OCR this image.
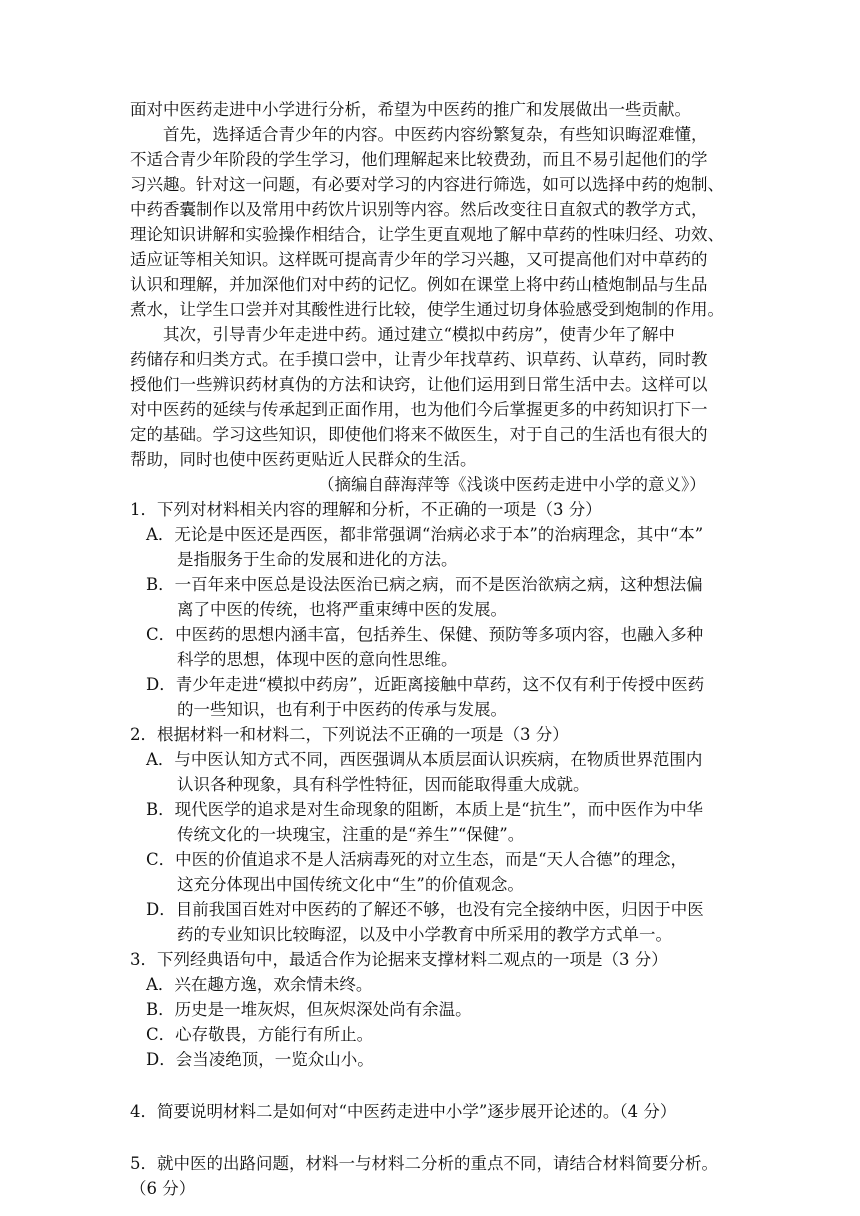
面对中医药走进中小学进行分析，希望为中医药的推广和发展做出一些贡献。
首先，选择适合青少年的内容。中医药内容纷繁复杂，有些知识晦涩难懂，
不适合青少年阶段的学生学习，他们理解起来比较费劲，而且不易引起他们的学
习兴趣。针对这一问题，有必要对学习的内容进行筛选，如可以选择中药的炮制、
中药香囊制作以及常用中药饮片识别等内容。然后改变往日直叙式的教学方式，
理论知识讲解和实验操作相结合，让学生更直观地了解中草药的性味归经、功效、
适应证等相关知识。这样既可提高青少年的学习兴趣，又可提高他们对中草药的
认识和理解，并加深他们对中药的记忆。例如在课堂上将中药山楂炮制品与生品
煮水，让学生口尝并对其酸性进行比较，使学生通过切身体验感受到炮制的作用。
其次，引导青少年走进中药。通过建立“模拟中药房”，使青少年了解中
药储存和归类方式。在手摸口尝中，让青少年找草药、识草药、认草药，同时教
授他们一些辨识药材真伪的方法和诀窍，让他们运用到日常生活中去。这样可以
对中医药的延续与传承起到正面作用，也为他们今后掌握更多的中药知识打下一
定的基础。学习这些知识，即使他们将来不做医生，对于自己的生活也有很大的
帮助，同时也使中医药更贴近人民群众的生活。
（摘编自薛海萍等《浅谈中医药走进中小学的意义》）
1．下列对材料相关内容的理解和分析，不正确的一项是（3 分）
A．无论是中医还是西医，都非常强调“治病必求于本”的治病理念，其中“本”
是指服务于生命的发展和进化的方法。
B．一百年来中医总是设法医治已病之病，而不是医治欲病之病，这种想法偏
离了中医的传统，也将严重束缚中医的发展。
C．中医药的思想内涵丰富，包括养生、保健、预防等多项内容，也融入多种
科学的思想，体现中医的意向性思维。
D．青少年走进“模拟中药房”，近距离接触中草药，这不仅有利于传授中医药
的一些知识，也有利于中医药的传承与发展。
2．根据材料一和材料二，下列说法不正确的一项是（3 分）
A．与中医认知方式不同，西医强调从本质层面认识疾病，在物质世界范围内
认识各种现象，具有科学性特征，因而能取得重大成就。
B．现代医学的追求是对生命现象的阻断，本质上是“抗生”，而中医作为中华
传统文化的一块瑰宝，注重的是“养生”“保健”。
C．中医的价值追求不是人活病毒死的对立生态，而是“天人合德”的理念，
这充分体现出中国传统文化中“生”的价值观念。
D．目前我国百姓对中医药的了解还不够，也没有完全接纳中医，归因于中医
药的专业知识比较晦涩，以及中小学教育中所采用的教学方式单一。
3．下列经典语句中，最适合作为论据来支撑材料二观点的一项是（3 分）
A．兴在趣方逸，欢余情未终。
B．历史是一堆灰烬，但灰烬深处尚有余温。
C．心存敬畏，方能行有所止。
D．会当凌绝顶，一览众山小。
4．简要说明材料二是如何对“中医药走进中小学”逐步展开论述的。（4 分）
5．就中医的出路问题，材料一与材料二分析的重点不同，请结合材料简要分析。
（6 分）
